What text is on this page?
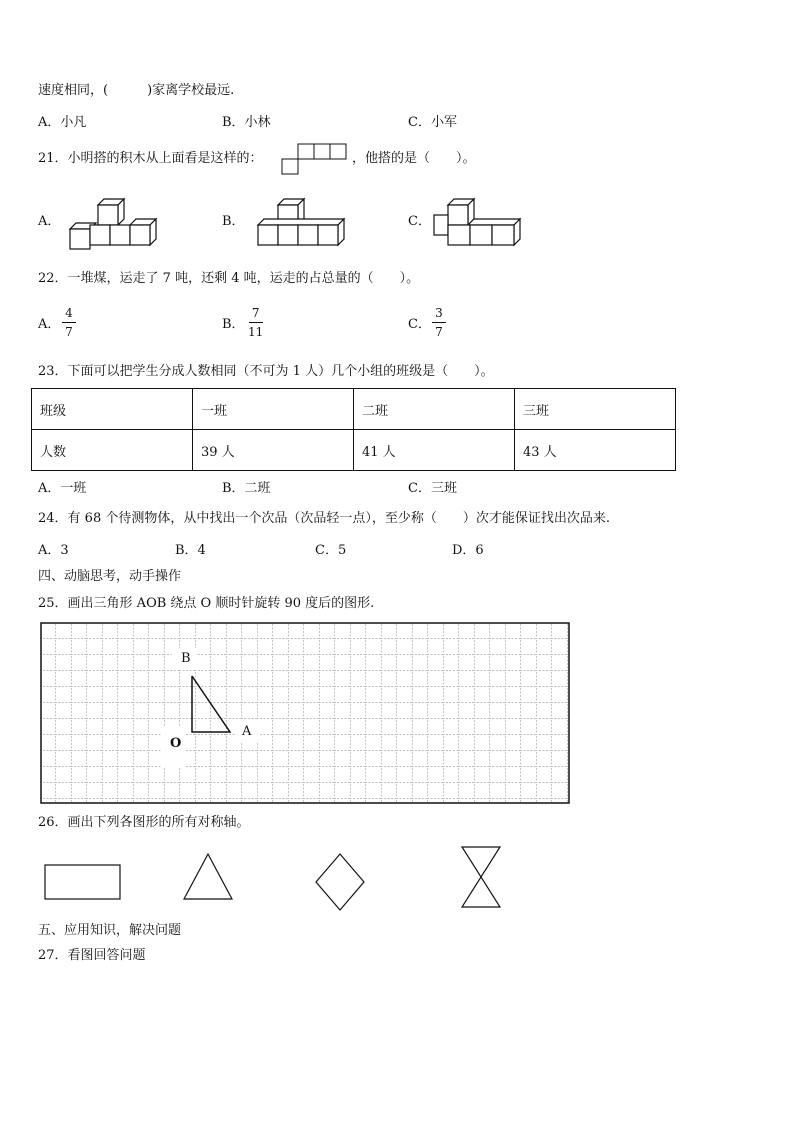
速度相同，(　　　)家离学校最远.
A．小凡	B．小林	C．小军
21．小明搭的积木从上面看是这样的：	，他搭的是（　　）。
A．	B．	C．
22．一堆煤，运走了 7 吨，还剩 4 吨，运走的占总量的（　　）。
A．
4
7	B．
7
11	C．
3
7
23．下面可以把学生分成人数相同（不可为 1 人）几个小组的班级是（　　）。
班级	一班	二班	三班
人数	39 人	41 人	43 人
A．一班	B．二班	C．三班
24．有 68 个待测物体，从中找出一个次品（次品轻一点），至少称（　　）次才能保证找出次品来.
A．3	B．4	C．5	D．6
四、动脑思考，动手操作
25．画出三角形 AOB 绕点 O 顺时针旋转 90 度后的图形.
B
A
O
26．画出下列各图形的所有对称轴。
五、应用知识，解决问题
27．看图回答问题
